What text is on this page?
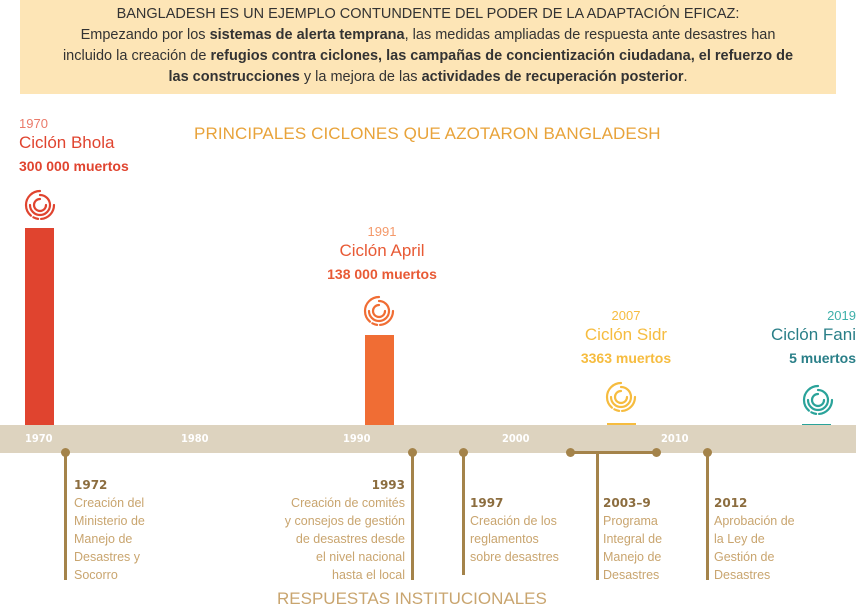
BANGLADESH ES UN EJEMPLO CONTUNDENTE DEL PODER DE LA ADAPTACIÓN EFICAZ:
Empezando por los sistemas de alerta temprana, las medidas ampliadas de respuesta ante desastres han
incluido la creación de refugios contra ciclones, las campañas de concientización ciudadana, el refuerzo de
las construcciones y la mejora de las actividades de recuperación posterior.
PRINCIPALES CICLONES QUE AZOTARON BANGLADESH
1970
Ciclón Bhola
300 000 muertos
1991
Ciclón April
138 000 muertos
2007
Ciclón Sidr
3363 muertos
2019
Ciclón Fani
5 muertos
1970	1980	1990	2000	2010
1972
Creación del
Ministerio de
Manejo de
Desastres y
Socorro
1993
Creación de comités
y consejos de gestión
de desastres desde
el nivel nacional
hasta el local
1997
Creación de los
reglamentos
sobre desastres
2003–9
Programa
Integral de
Manejo de
Desastres
2012
Aprobación de
la Ley de
Gestión de
Desastres
RESPUESTAS INSTITUCIONALES
